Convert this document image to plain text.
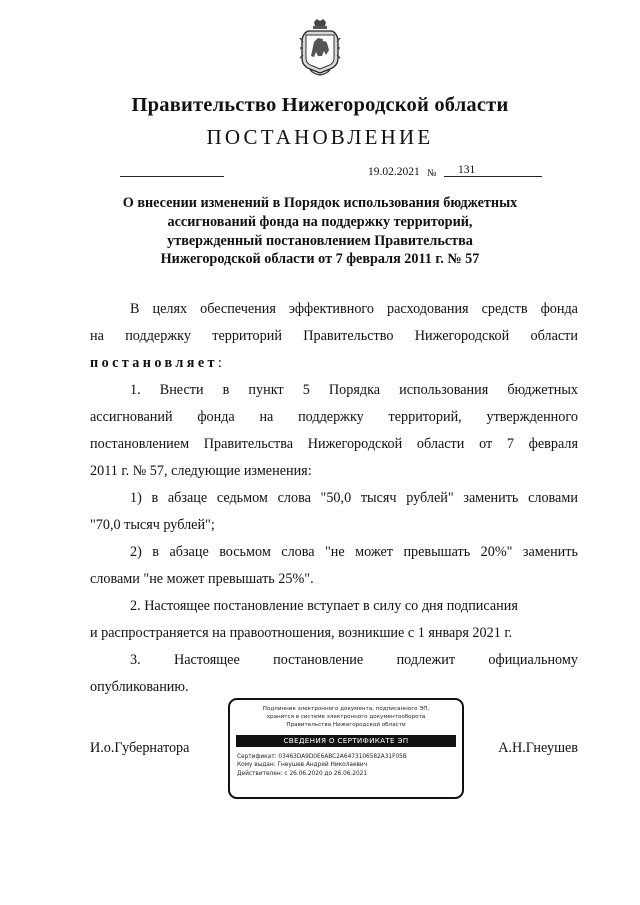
Правительство Нижегородской области
ПОСТАНОВЛЕНИЕ
19.02.2021 № 131
О внесении изменений в Порядок использования бюджетных
ассигнований фонда на поддержку территорий,
утвержденный постановлением Правительства
Нижегородской области от 7 февраля 2011 г. № 57
В целях обеспечения эффективного расходования средств фонда
на поддержку территорий Правительство Нижегородской области
постановляет :
1. Внести в пункт 5 Порядка использования бюджетных
ассигнований фонда на поддержку территорий, утвержденного
постановлением Правительства Нижегородской области от 7 февраля
2011 г. № 57, следующие изменения:
1) в абзаце седьмом слова "50,0 тысяч рублей" заменить словами
"70,0 тысяч рублей";
2) в абзаце восьмом слова "не может превышать 20%" заменить
словами "не может превышать 25%".
2. Настоящее постановление вступает в силу со дня подписания
и распространяется на правоотношения, возникшие с 1 января 2021 г.
3. Настоящее постановление подлежит официальному
опубликованию.
И.о.Губернатора
Подлинник электронного документа, подписанного ЭП,
хранится в системе электронного документооборота
Правительства Нижегородской области
СВЕДЕНИЯ О СЕРТИФИКАТЕ ЭП
Сертификат: 03463DA9D0E6ABC2A6473106582A31F05B
Кому выдан: Гнеушев Андрей Николаевич
Действителен: с 26.06.2020 до 26.06.2021
А.Н.Гнеушев
